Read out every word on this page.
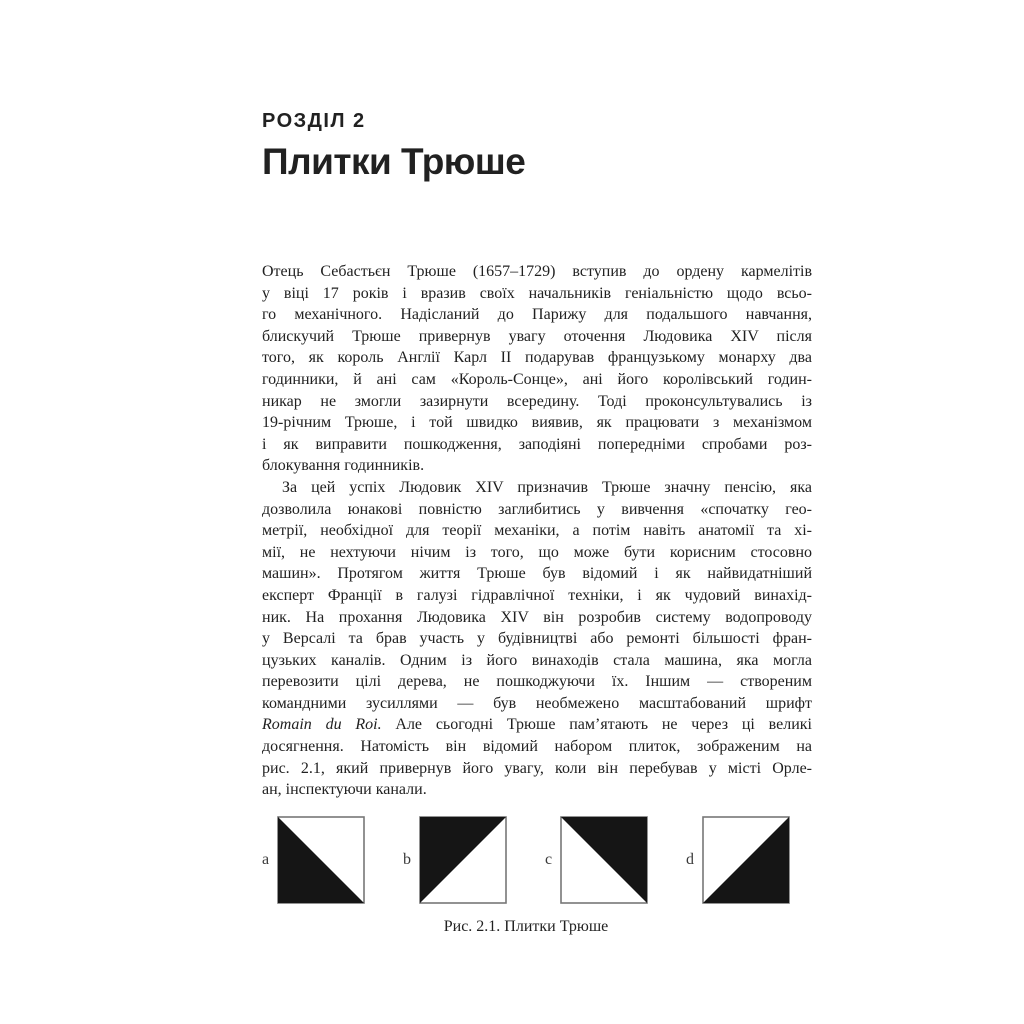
РОЗДІЛ 2
Плитки Трюше
Отець Себастьєн Трюше (1657–1729) вступив до ордену кармелітів
у віці 17 років і вразив своїх начальників геніальністю щодо всьо-
го механічного. Надісланий до Парижу для подальшого навчання,
блискучий Трюше привернув увагу оточення Людовика XIV після
того, як король Англії Карл II подарував французькому монарху два
годинники, й ані сам «Король-Сонце», ані його королівський годин-
никар не змогли зазирнути всередину. Тоді проконсультувались із
19-річним Трюше, і той швидко виявив, як працювати з механізмом
і як виправити пошкодження, заподіяні попередніми спробами роз-
блокування годинників.
За цей успіх Людовик XIV призначив Трюше значну пенсію, яка
дозволила юнакові повністю заглибитись у вивчення «спочатку гео-
метрії, необхідної для теорії механіки, а потім навіть анатомії та хі-
мії, не нехтуючи нічим із того, що може бути корисним стосовно
машин». Протягом життя Трюше був відомий і як найвидатніший
експерт Франції в галузі гідравлічної техніки, і як чудовий винахід-
ник. На прохання Людовика XIV він розробив систему водопроводу
у Версалі та брав участь у будівництві або ремонті більшості фран-
цузьких каналів. Одним із його винаходів стала машина, яка могла
перевозити цілі дерева, не пошкоджуючи їх. Іншим — створеним
командними зусиллями — був необмежено масштабований шрифт
Romain du Roi. Але сьогодні Трюше пам’ятають не через ці великі
досягнення. Натомість він відомий набором плиток, зображеним на
рис. 2.1, який привернув його увагу, коли він перебував у місті Орле-
ан, інспектуючи канали.
a	b	c	d
Рис. 2.1. Плитки Трюше
